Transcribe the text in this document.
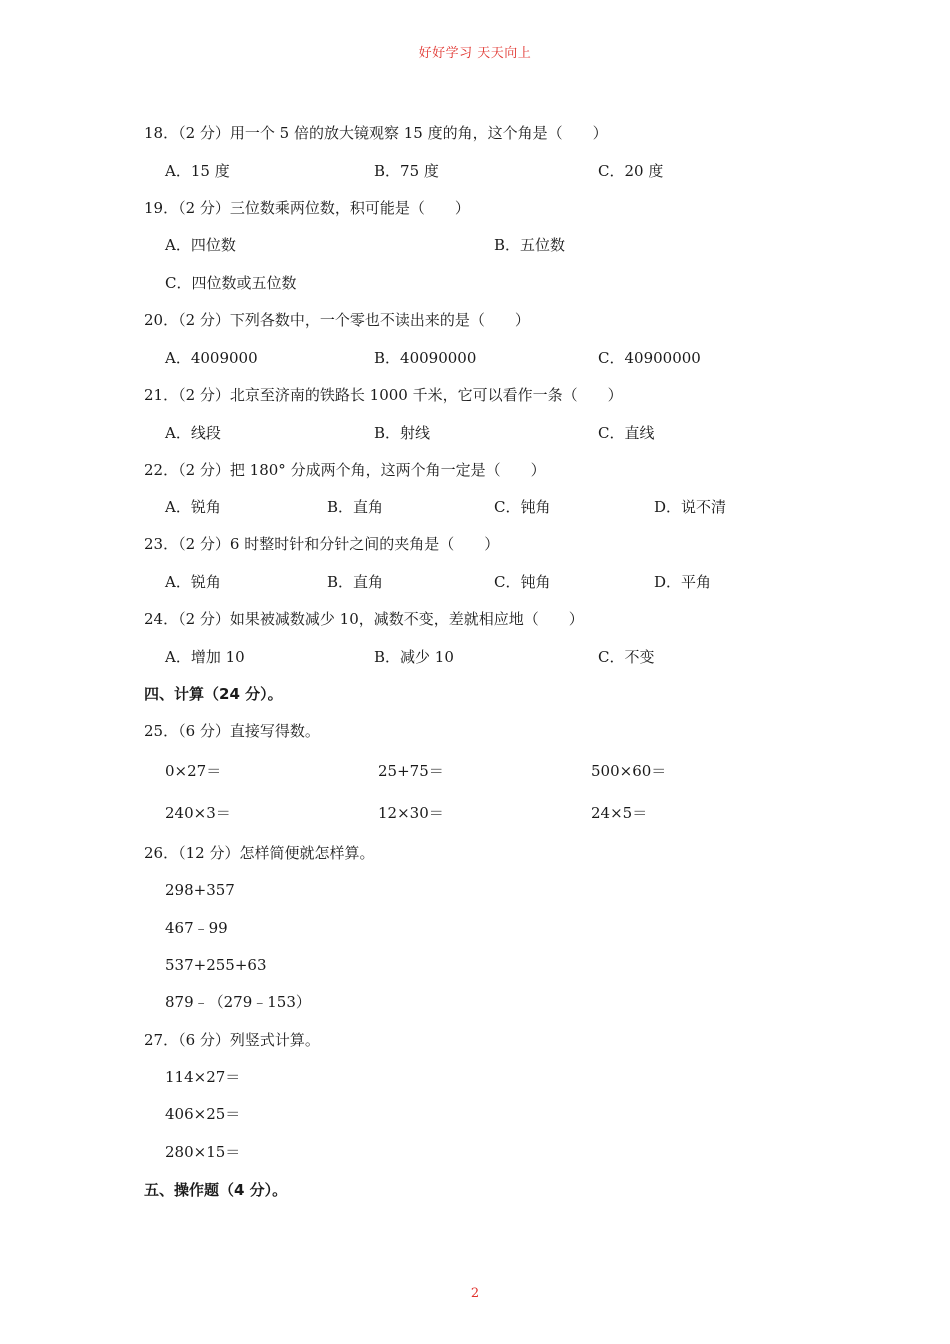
好好学习 天天向上
18．（2 分）用一个 5 倍的放大镜观察 15 度的角，这个角是（　　）
A．15 度	B．75 度	C．20 度
19．（2 分）三位数乘两位数，积可能是（　　）
A．四位数	B．五位数
C．四位数或五位数
20．（2 分）下列各数中，一个零也不读出来的是（　　）
A．4009000	B．40090000	C．40900000
21．（2 分）北京至济南的铁路长 1000 千米，它可以看作一条（　　）
A．线段	B．射线	C．直线
22．（2 分）把 180° 分成两个角，这两个角一定是（　　）
A．锐角	B．直角	C．钝角	D．说不清
23．（2 分）6 时整时针和分针之间的夹角是（　　）
A．锐角	B．直角	C．钝角	D．平角
24．（2 分）如果被减数减少 10，减数不变，差就相应地（　　）
A．增加 10	B．减少 10	C．不变
四、计算（24 分）。
25．（6 分）直接写得数。
0×27＝	25+75＝	500×60＝
240×3＝	12×30＝	24×5＝
26．（12 分）怎样简便就怎样算。
298+357
467﹣99
537+255+63
879﹣（279﹣153）
27．（6 分）列竖式计算。
114×27＝
406×25＝
280×15＝
五、操作题（4 分）。
2
